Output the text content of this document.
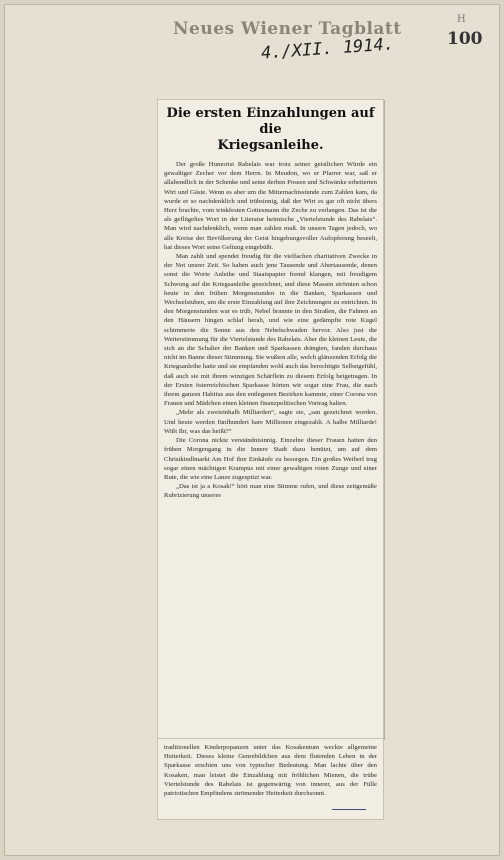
H
Neues Wiener Tagblatt
4./XII. 1914.	100
Die ersten Einzahlungen auf die
Kriegsanleihe.

Der große Humorist Rabelais war trotz seiner geistlichen Würde ein gewaltiger Zecher vor dem Herrn. In Meudon, wo er Pfarrer war, saß er allabendlich in der Schenke und seine derben Possen und Schwänke erheiterten Wirt und Gäste. Wenn es aber um die Mitternachtsstunde zum Zahlen kam, da wurde er so nachdenklich und trübsinnig, daß der Wirt es gar oft nicht übers Herz brachte, vom trinkfesten Gottesmann die Zeche zu verlangen. Das ist die als geflügeltes Wort in der Literatur heimische „Viertelstunde des Rabelais“. Man wird nachdenklich, wenn man zahlen muß. In unsern Tagen jedoch, wo alle Kreise der Bevölkerung der Geist hingebungsvoller Aufopferung beseelt, hat dieses Wort seine Geltung eingebüßt.

Man zahlt und spendet freudig für die vielfachen charitativen Zwecke in der Not unsrer Zeit. So haben auch jene Tausende und Abertausende, denen sonst die Worte Anleihe und Staatspapier fremd klangen, mit freudigem Schwung auf die Kriegsanleihe gezeichnet, und diese Massen strömten schon heute in den frühen Morgenstunden in die Banken, Sparkassen und Wechselstuben, um die erste Einzahlung auf ihre Zeichnungen zu entrichten. In den Morgenstunden war es trüb, Nebel brannte in den Straßen, die Fahnen an den Häusern hingen schlaf herab, und wie eine gedämpfte rote Kugel schimmerte die Sonne aus den Nebelschwaden hervor. Also just die Wetterstimmung für die Viertelstunde des Rabelais. Aber die kleinen Leute, die sich an die Schalter der Banken und Sparkassen drängten, fanden durchaus nicht im Banne dieser Stimmung. Sie wußten alle, welch glänzenden Erfolg die Kriegsanleihe hatte und sie empfanden wohl auch das berechtigte Selbstgefühl, daß auch sie mit ihrem winzigen Schärflein zu diesem Erfolg beigetragen. In der Ersten österreichischen Sparkasse hörten wir sogar eine Frau, die nach ihrem ganzen Habitus aus den entlegenen Bezirken kammte, einer Corona von Frauen und Mädchen einen kleinen finanzpolitischen Vortrag halten.

„Mehr als zweieinhalb Milliarden“, sagte sie, „san gezeichnet worden. Und heute werden fünfhundert bare Millionen eingezahlt. A halbe Milliarde! Wißt Ihr, was das heißt?“

Die Corona nickte verständnisinnig. Einzelne dieser Frauen hatten den frühen Morgengang in die Innere Stadt dazu benützt, um auf dem Christkindlmarkt Am Hof ihre Einkäufe zu besorgen. Ein großes Weiberl trug sogar einen mächtigen Krampus mit einer gewaltigen roten Zunge und einer Rute, die wie eine Lanze zugespitzt war.

„Das ist ja a Kosak!“ hört man eine Stimme rufen, und diese zeitgemäße Rubrizierung unseres

traditionellen Kinderpopanzen unter das Kosakentum weckte allgemeine Heiterkeit. Dieses kleine Genrebildchen aus dem flutenden Leben in der Sparkasse erschien uns von typischer Bedeutung. Man lachte über den Kosaken, man leistet die Einzahlung mit fröhlichen Mienen, die trübe Viertelstunde des Rabelais ist gegenwärtig von innerer, aus der Fülle patriotischen Empfindens strömender Heiterkeit durchsonnt.
